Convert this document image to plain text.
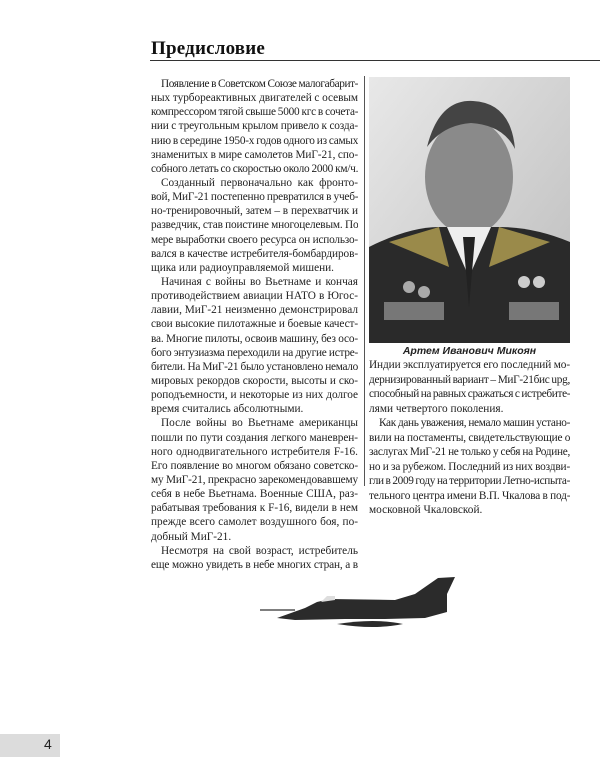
Предисловие
Появление в Советском Союзе малогабарит-
ных турбореактивных двигателей с осевым
компрессором тягой свыше 5000 кгс в сочета-
нии с треугольным крылом привело к созда-
нию в середине 1950-х годов одного из самых
знаменитых в мире самолетов МиГ-21, спо-
собного летать со скоростью около 2000 км/ч.
Созданный первоначально как фронто-
вой, МиГ-21 постепенно превратился в учеб-
но-тренировочный, затем – в перехватчик и
разведчик, став поистине многоцелевым. По
мере выработки своего ресурса он использо-
вался в качестве истребителя-бомбардиров-
щика или радиоуправляемой мишени.
Начиная с войны во Вьетнаме и кончая
противодействием авиации НАТО в Югос-
лавии, МиГ-21 неизменно демонстрировал
свои высокие пилотажные и боевые качест-
ва. Многие пилоты, освоив машину, без осо-
бого энтузиазма переходили на другие истре-
бители. На МиГ-21 было установлено немало
мировых рекордов скорости, высоты и ско-
роподъемности, и некоторые из них долгое
время считались абсолютными.
После войны во Вьетнаме американцы
пошли по пути создания легкого маневрен-
ного однодвигательного истребителя F-16.
Его появление во многом обязано советско-
му МиГ-21, прекрасно зарекомендовавшему
себя в небе Вьетнама. Военные США, раз-
рабатывая требования к F-16, видели в нем
прежде всего самолет воздушного боя, по-
добный МиГ-21.
Несмотря на свой возраст, истребитель
еще можно увидеть в небе многих стран, а в
Артем Иванович Микоян
Индии эксплуатируется его последний мо-
дернизированный вариант – МиГ-21бис upg,
способный на равных сражаться с истребите-
лями четвертого поколения.
Как дань уважения, немало машин устано-
вили на постаменты, свидетельствующие о
заслугах МиГ-21 не только у себя на Родине,
но и за рубежом. Последний из них воздви-
гли в 2009 году на территории Летно-испыта-
тельного центра имени В.П. Чкалова в под-
московной Чкаловской.
4
